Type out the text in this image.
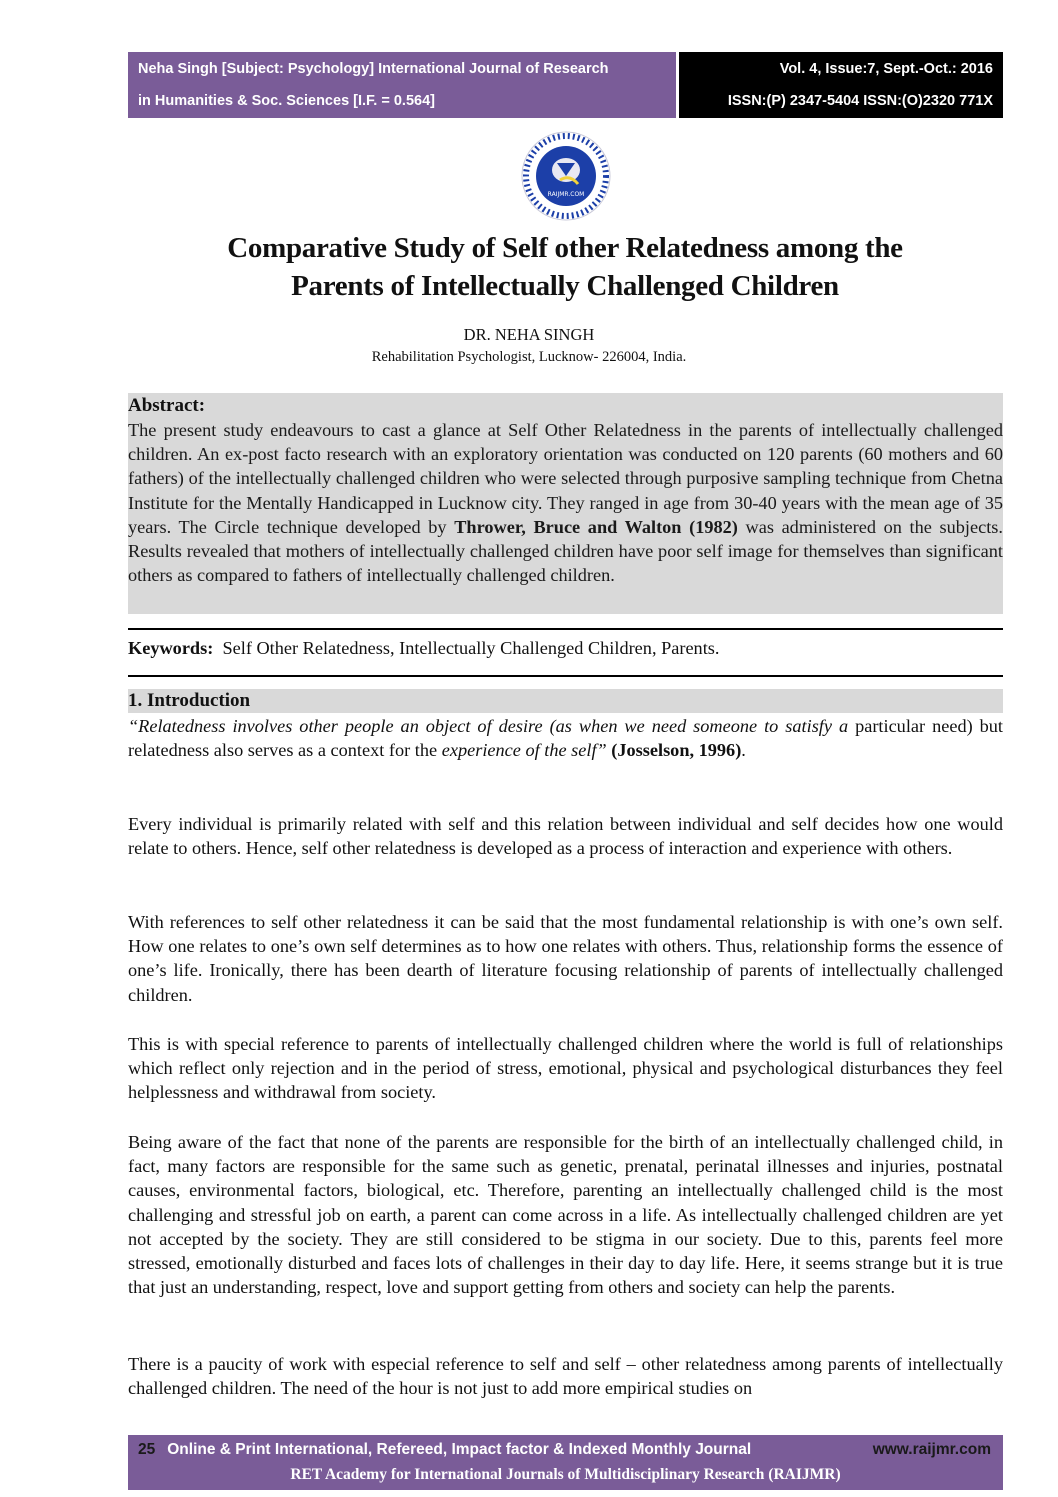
Neha Singh [Subject: Psychology] International Journal of Research
in Humanities & Soc. Sciences [I.F. = 0.564]
Vol. 4, Issue:7, Sept.-Oct.: 2016
ISSN:(P) 2347-5404 ISSN:(O)2320 771X
RAIJMR.COM
Comparative Study of Self other Relatedness among the
Parents of Intellectually Challenged Children
DR. NEHA SINGH
Rehabilitation Psychologist, Lucknow- 226004, India.
Abstract:

The present study endeavours to cast a glance at Self Other Relatedness in the parents of intellectually challenged children. An ex-post facto research with an exploratory orientation was conducted on 120 parents (60 mothers and 60 fathers) of the intellectually challenged children who were selected through purposive sampling technique from Chetna Institute for the Mentally Handicapped in Lucknow city. They ranged in age from 30-40 years with the mean age of 35 years. The Circle technique developed by Thrower, Bruce and Walton (1982) was administered on the subjects. Results revealed that mothers of intellectually challenged children have poor self image for themselves than significant others as compared to fathers of intellectually challenged children.

Keywords: Self Other Relatedness, Intellectually Challenged Children, Parents.
1. Introduction

“Relatedness involves other people an object of desire (as when we need someone to satisfy a particular need) but relatedness also serves as a context for the experience of the self” (Josselson, 1996).

Every individual is primarily related with self and this relation between individual and self decides how one would relate to others. Hence, self other relatedness is developed as a process of interaction and experience with others.

With references to self other relatedness it can be said that the most fundamental relationship is with one’s own self. How one relates to one’s own self determines as to how one relates with others. Thus, relationship forms the essence of one’s life. Ironically, there has been dearth of literature focusing relationship of parents of intellectually challenged children.

This is with special reference to parents of intellectually challenged children where the world is full of relationships which reflect only rejection and in the period of stress, emotional, physical and psychological disturbances they feel helplessness and withdrawal from society.

Being aware of the fact that none of the parents are responsible for the birth of an intellectually challenged child, in fact, many factors are responsible for the same such as genetic, prenatal, perinatal illnesses and injuries, postnatal causes, environmental factors, biological, etc. Therefore, parenting an intellectually challenged child is the most challenging and stressful job on earth, a parent can come across in a life. As intellectually challenged children are yet not accepted by the society. They are still considered to be stigma in our society. Due to this, parents feel more stressed, emotionally disturbed and faces lots of challenges in their day to day life. Here, it seems strange but it is true that just an understanding, respect, love and support getting from others and society can help the parents.

There is a paucity of work with especial reference to self and self – other relatedness among parents of intellectually challenged children. The need of the hour is not just to add more empirical studies on

25 Online & Print International, Refereed, Impact factor & Indexed Monthly Journal	www.raijmr.com
RET Academy for International Journals of Multidisciplinary Research (RAIJMR)
